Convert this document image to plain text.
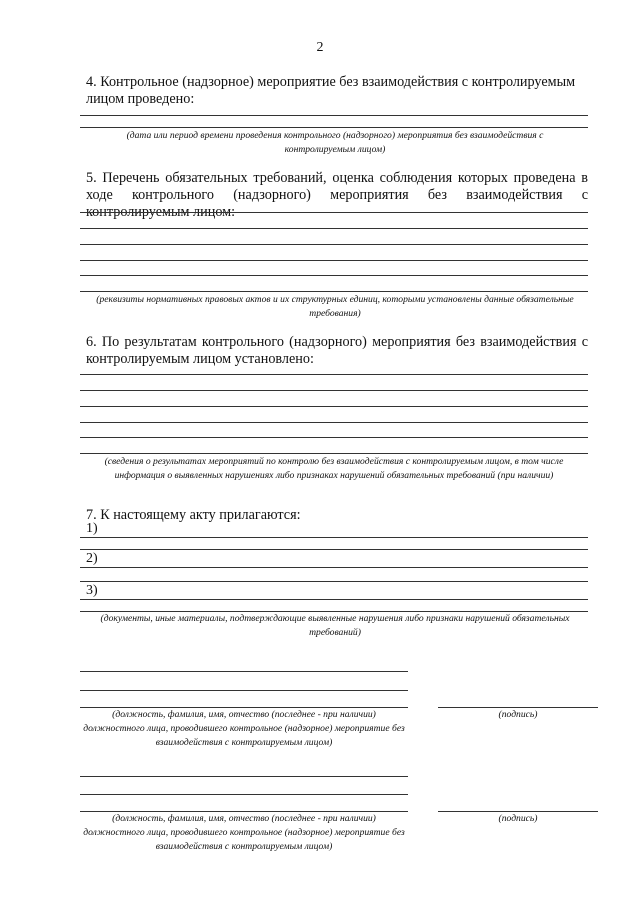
2
4. Контрольное (надзорное) мероприятие без взаимодействия с контролируемым лицом проведено:
(дата или период времени проведения контрольного (надзорного) мероприятия без взаимодействия с контролируемым лицом)
5. Перечень обязательных требований, оценка соблюдения которых проведена в ходе контрольного (надзорного) мероприятия без взаимодействия с контролируемым лицом:
(реквизиты нормативных правовых актов и их структурных единиц, которыми установлены данные обязательные требования)
6. По результатам контрольного (надзорного) мероприятия без взаимодействия с контролируемым лицом установлено:
(сведения о результатах мероприятий по контролю без взаимодействия с контролируемым лицом, в том числе информация о выявленных нарушениях либо признаках нарушений обязательных требований (при наличии)
7. К настоящему акту прилагаются:
1)
2)
3)
(документы, иные материалы, подтверждающие выявленные нарушения либо признаки нарушений обязательных требований)
(должность, фамилия, имя, отчество (последнее - при наличии) должностного лица, проводившего контрольное (надзорное) мероприятие без взаимодействия с контролируемым лицом)
(подпись)
(должность, фамилия, имя, отчество (последнее - при наличии) должностного лица, проводившего контрольное (надзорное) мероприятие без взаимодействия с контролируемым лицом)
(подпись)
